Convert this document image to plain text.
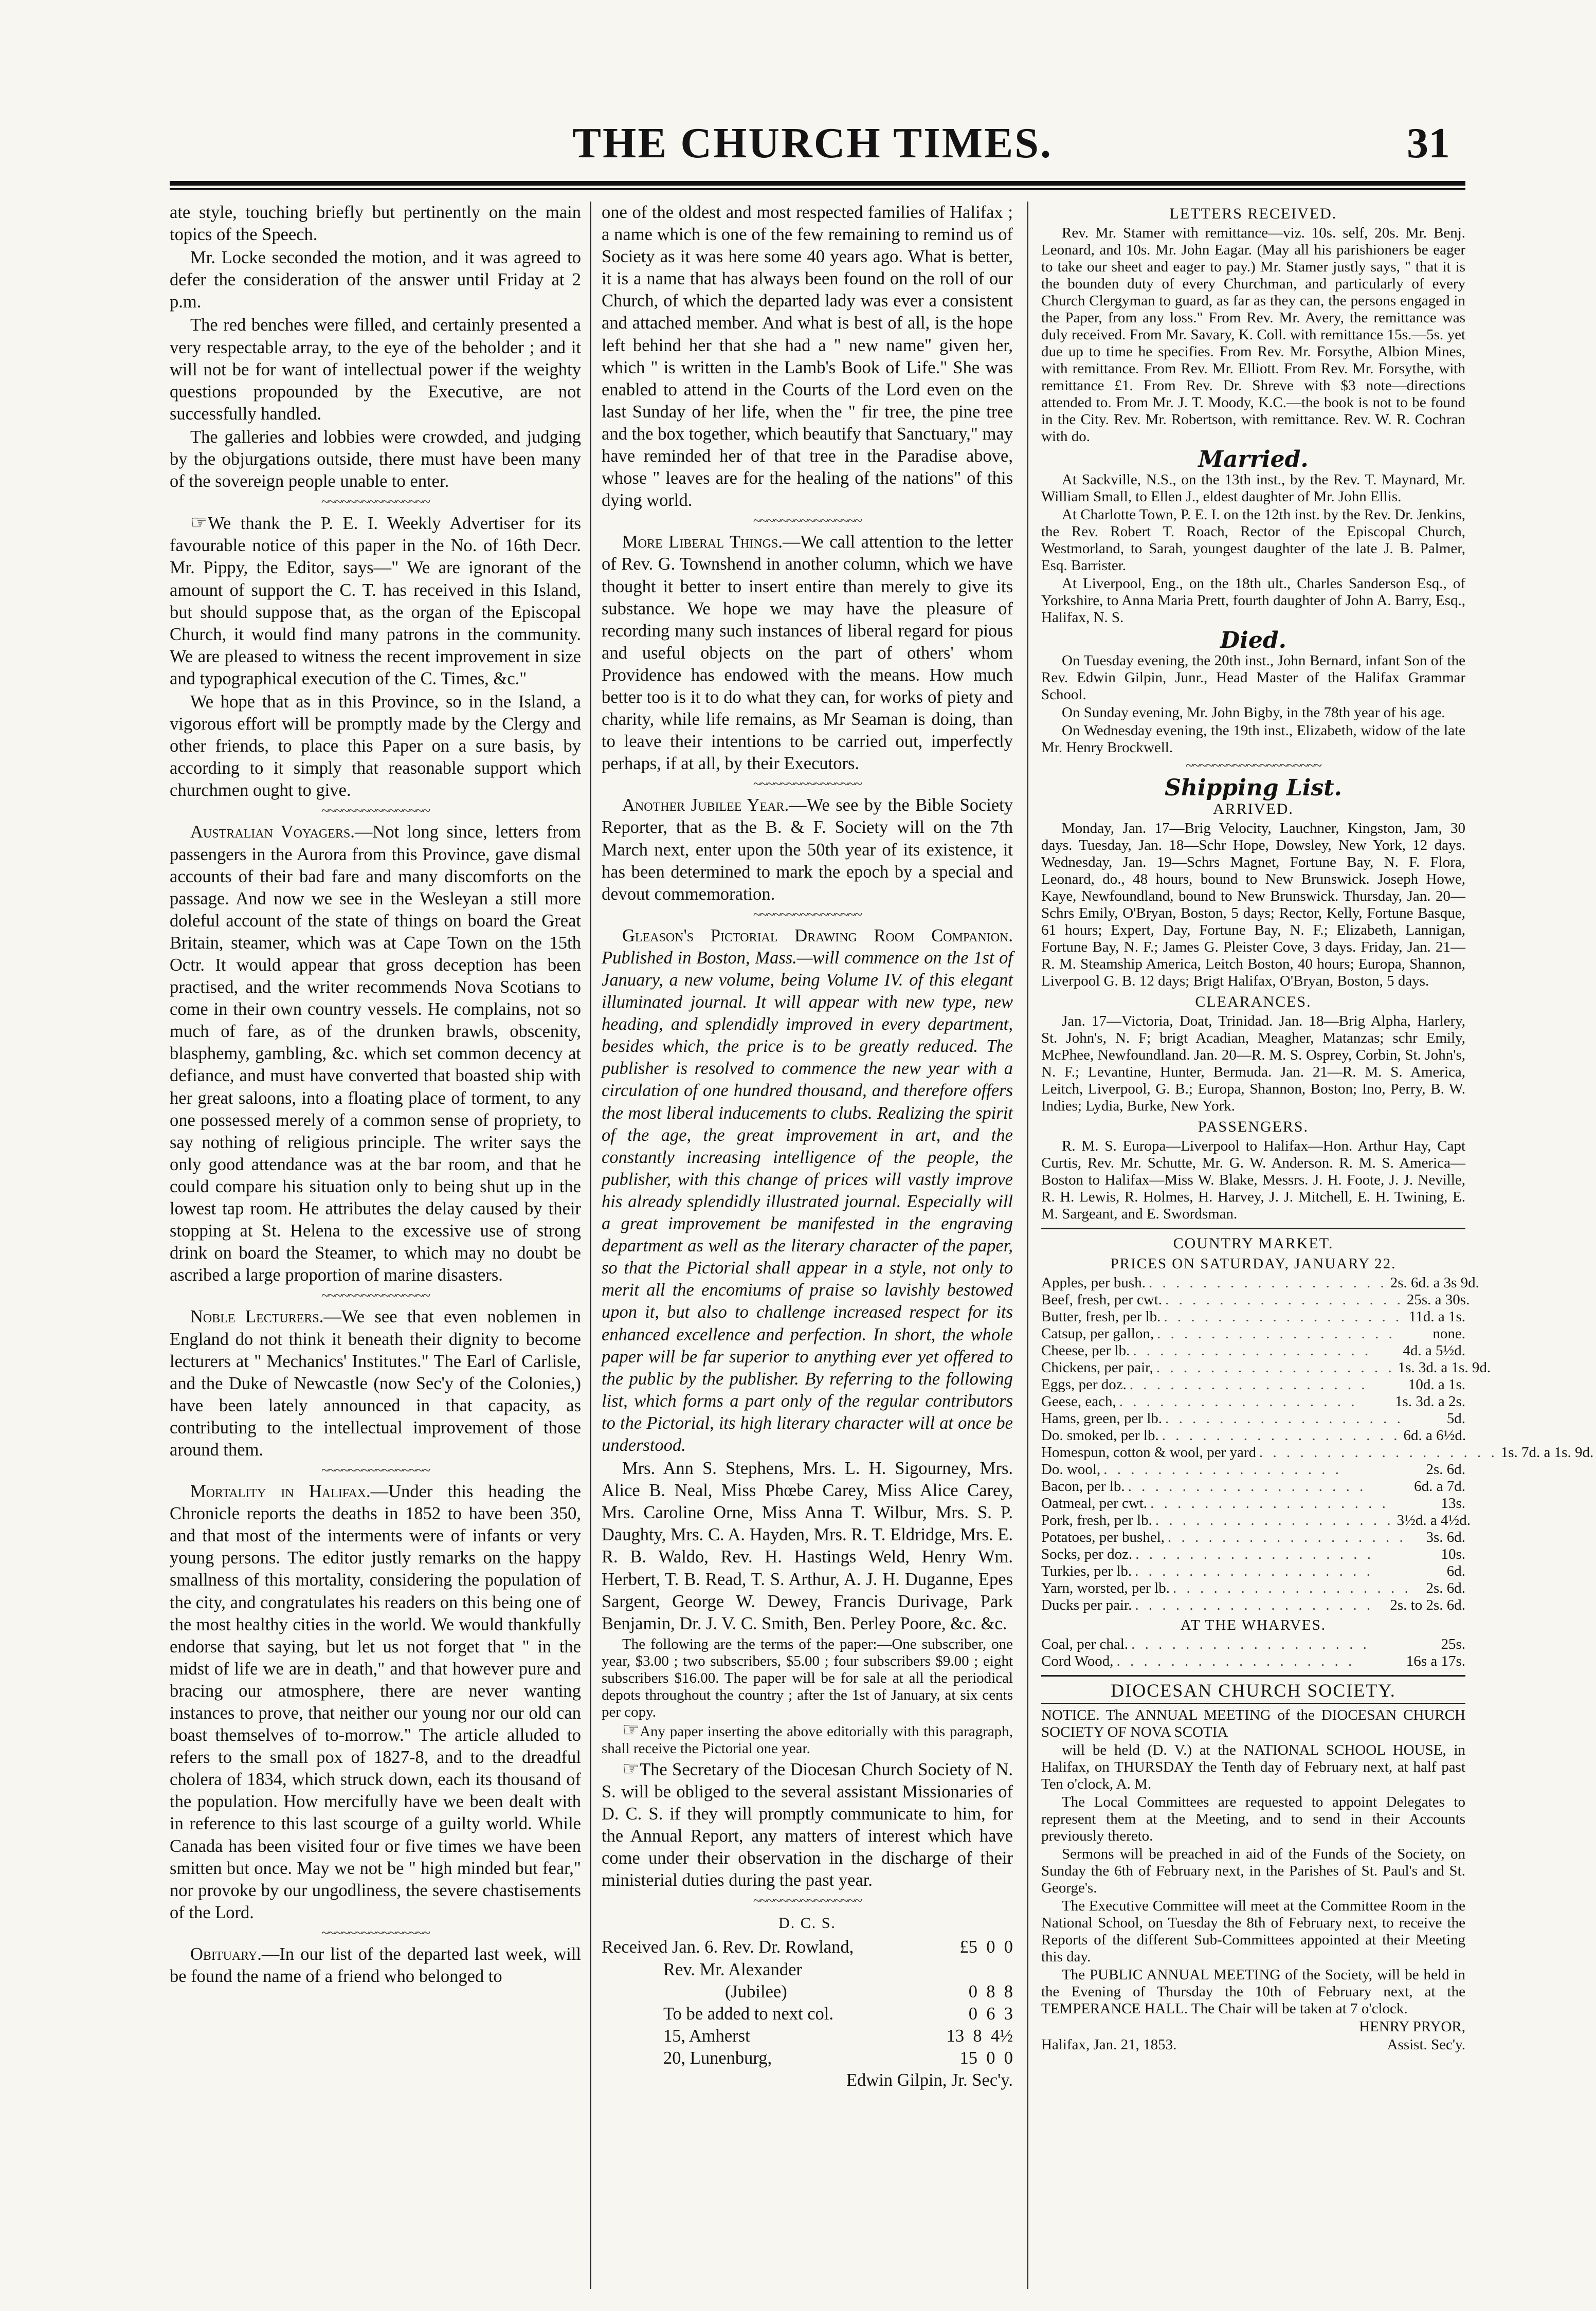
THE CHURCH TIMES.	31

ate style, touching briefly but pertinently on the main topics of the Speech.

Mr. Locke seconded the motion, and it was agreed to defer the consideration of the answer until Friday at 2 p.m.

The red benches were filled, and certainly presented a very respectable array, to the eye of the beholder ; and it will not be for want of intellectual power if the weighty questions propounded by the Executive, are not successfully handled.

The galleries and lobbies were crowded, and judging by the objurgations outside, there must have been many of the sovereign people unable to enter.

~~~~~~~~~~~~~~~~

☞We thank the P. E. I. Weekly Advertiser for its favourable notice of this paper in the No. of 16th Decr. Mr. Pippy, the Editor, says—" We are ignorant of the amount of support the C. T. has received in this Island, but should suppose that, as the organ of the Episcopal Church, it would find many patrons in the community. We are pleased to witness the recent improvement in size and typographical execution of the C. Times, &c."

We hope that as in this Province, so in the Island, a vigorous effort will be promptly made by the Clergy and other friends, to place this Paper on a sure basis, by according to it simply that reasonable support which churchmen ought to give.

~~~~~~~~~~~~~~~~

Australian Voyagers.—Not long since, letters from passengers in the Aurora from this Province, gave dismal accounts of their bad fare and many discomforts on the passage. And now we see in the Wesleyan a still more doleful account of the state of things on board the Great Britain, steamer, which was at Cape Town on the 15th Octr. It would appear that gross deception has been practised, and the writer recommends Nova Scotians to come in their own country vessels. He complains, not so much of fare, as of the drunken brawls, obscenity, blasphemy, gambling, &c. which set common decency at defiance, and must have converted that boasted ship with her great saloons, into a floating place of torment, to any one possessed merely of a common sense of propriety, to say nothing of religious principle. The writer says the only good attendance was at the bar room, and that he could compare his situation only to being shut up in the lowest tap room. He attributes the delay caused by their stopping at St. Helena to the excessive use of strong drink on board the Steamer, to which may no doubt be ascribed a large proportion of marine disasters.

~~~~~~~~~~~~~~~~

Noble Lecturers.—We see that even noblemen in England do not think it beneath their dignity to become lecturers at " Mechanics' Institutes." The Earl of Carlisle, and the Duke of Newcastle (now Sec'y of the Colonies,) have been lately announced in that capacity, as contributing to the intellectual improvement of those around them.

~~~~~~~~~~~~~~~~

Mortality in Halifax.—Under this heading the Chronicle reports the deaths in 1852 to have been 350, and that most of the interments were of infants or very young persons. The editor justly remarks on the happy smallness of this mortality, considering the population of the city, and congratulates his readers on this being one of the most healthy cities in the world. We would thankfully endorse that saying, but let us not forget that " in the midst of life we are in death," and that however pure and bracing our atmosphere, there are never wanting instances to prove, that neither our young nor our old can boast themselves of to-morrow." The article alluded to refers to the small pox of 1827-8, and to the dreadful cholera of 1834, which struck down, each its thousand of the population. How mercifully have we been dealt with in reference to this last scourge of a guilty world. While Canada has been visited four or five times we have been smitten but once. May we not be " high minded but fear," nor provoke by our ungodliness, the severe chastisements of the Lord.

~~~~~~~~~~~~~~~~

Obituary.—In our list of the departed last week, will be found the name of a friend who belonged to

one of the oldest and most respected families of Halifax ; a name which is one of the few remaining to remind us of Society as it was here some 40 years ago. What is better, it is a name that has always been found on the roll of our Church, of which the departed lady was ever a consistent and attached member. And what is best of all, is the hope left behind her that she had a " new name" given her, which " is written in the Lamb's Book of Life." She was enabled to attend in the Courts of the Lord even on the last Sunday of her life, when the " fir tree, the pine tree and the box together, which beautify that Sanctuary," may have reminded her of that tree in the Paradise above, whose " leaves are for the healing of the nations" of this dying world.

~~~~~~~~~~~~~~~~

More Liberal Things.—We call attention to the letter of Rev. G. Townshend in another column, which we have thought it better to insert entire than merely to give its substance. We hope we may have the pleasure of recording many such instances of liberal regard for pious and useful objects on the part of others' whom Providence has endowed with the means. How much better too is it to do what they can, for works of piety and charity, while life remains, as Mr Seaman is doing, than to leave their intentions to be carried out, imperfectly perhaps, if at all, by their Executors.

~~~~~~~~~~~~~~~~

Another Jubilee Year.—We see by the Bible Society Reporter, that as the B. & F. Society will on the 7th March next, enter upon the 50th year of its existence, it has been determined to mark the epoch by a special and devout commemoration.

~~~~~~~~~~~~~~~~

Gleason's Pictorial Drawing Room Companion. Published in Boston, Mass.—will commence on the 1st of January, a new volume, being Volume IV. of this elegant illuminated journal. It will appear with new type, new heading, and splendidly improved in every department, besides which, the price is to be greatly reduced. The publisher is resolved to commence the new year with a circulation of one hundred thousand, and therefore offers the most liberal inducements to clubs. Realizing the spirit of the age, the great improvement in art, and the constantly increasing intelligence of the people, the publisher, with this change of prices will vastly improve his already splendidly illustrated journal. Especially will a great improvement be manifested in the engraving department as well as the literary character of the paper, so that the Pictorial shall appear in a style, not only to merit all the encomiums of praise so lavishly bestowed upon it, but also to challenge increased respect for its enhanced excellence and perfection. In short, the whole paper will be far superior to anything ever yet offered to the public by the publisher. By referring to the following list, which forms a part only of the regular contributors to the Pictorial, its high literary character will at once be understood.

Mrs. Ann S. Stephens, Mrs. L. H. Sigourney, Mrs. Alice B. Neal, Miss Phœbe Carey, Miss Alice Carey, Mrs. Caroline Orne, Miss Anna T. Wilbur, Mrs. S. P. Daughty, Mrs. C. A. Hayden, Mrs. R. T. Eldridge, Mrs. E. R. B. Waldo, Rev. H. Hastings Weld, Henry Wm. Herbert, T. B. Read, T. S. Arthur, A. J. H. Duganne, Epes Sargent, George W. Dewey, Francis Durivage, Park Benjamin, Dr. J. V. C. Smith, Ben. Perley Poore, &c. &c.

The following are the terms of the paper:—One subscriber, one year, $3.00 ; two subscribers, $5.00 ; four subscribers $9.00 ; eight subscribers $16.00. The paper will be for sale at all the periodical depots throughout the country ; after the 1st of January, at six cents per copy.

☞Any paper inserting the above editorially with this paragraph, shall receive the Pictorial one year.

☞The Secretary of the Diocesan Church Society of N. S. will be obliged to the several assistant Missionaries of D. C. S. if they will promptly communicate to him, for the Annual Report, any matters of interest which have come under their observation in the discharge of their ministerial duties during the past year.

~~~~~~~~~~~~~~~~
D. C. S.
Received Jan. 6. Rev. Dr. Rowland,	£5  0  0
Rev. Mr. Alexander
(Jubilee)	0  8  8
To be added to next col.	0  6  3
15, Amherst	13  8  4½
20, Lunenburg,	15  0  0

Edwin Gilpin, Jr. Sec'y.

LETTERS RECEIVED.

Rev. Mr. Stamer with remittance—viz. 10s. self, 20s. Mr. Benj. Leonard, and 10s. Mr. John Eagar. (May all his parishioners be eager to take our sheet and eager to pay.) Mr. Stamer justly says, " that it is the bounden duty of every Churchman, and particularly of every Church Clergyman to guard, as far as they can, the persons engaged in the Paper, from any loss." From Rev. Mr. Avery, the remittance was duly received. From Mr. Savary, K. Coll. with remittance 15s.—5s. yet due up to time he specifies. From Rev. Mr. Forsythe, Albion Mines, with remittance. From Rev. Mr. Elliott. From Rev. Mr. Forsythe, with remittance £1. From Rev. Dr. Shreve with $3 note—directions attended to. From Mr. J. T. Moody, K.C.—the book is not to be found in the City. Rev. Mr. Robertson, with remittance. Rev. W. R. Cochran with do.

Married.

At Sackville, N.S., on the 13th inst., by the Rev. T. Maynard, Mr. William Small, to Ellen J., eldest daughter of Mr. John Ellis.

At Charlotte Town, P. E. I. on the 12th inst. by the Rev. Dr. Jenkins, the Rev. Robert T. Roach, Rector of the Episcopal Church, Westmorland, to Sarah, youngest daughter of the late J. B. Palmer, Esq. Barrister.

At Liverpool, Eng., on the 18th ult., Charles Sanderson Esq., of Yorkshire, to Anna Maria Prett, fourth daughter of John A. Barry, Esq., Halifax, N. S.

Died.

On Tuesday evening, the 20th inst., John Bernard, infant Son of the Rev. Edwin Gilpin, Junr., Head Master of the Halifax Grammar School.

On Sunday evening, Mr. John Bigby, in the 78th year of his age.

On Wednesday evening, the 19th inst., Elizabeth, widow of the late Mr. Henry Brockwell.

~~~~~~~~~~~~~~~~~~~~
Shipping List.
ARRIVED.

Monday, Jan. 17—Brig Velocity, Lauchner, Kingston, Jam, 30 days. Tuesday, Jan. 18—Schr Hope, Dowsley, New York, 12 days. Wednesday, Jan. 19—Schrs Magnet, Fortune Bay, N. F. Flora, Leonard, do., 48 hours, bound to New Brunswick. Joseph Howe, Kaye, Newfoundland, bound to New Brunswick. Thursday, Jan. 20—Schrs Emily, O'Bryan, Boston, 5 days; Rector, Kelly, Fortune Basque, 61 hours; Expert, Day, Fortune Bay, N. F.; Elizabeth, Lannigan, Fortune Bay, N. F.; James G. Pleister Cove, 3 days. Friday, Jan. 21—R. M. Steamship America, Leitch Boston, 40 hours; Europa, Shannon, Liverpool G. B. 12 days; Brigt Halifax, O'Bryan, Boston, 5 days.

CLEARANCES.

Jan. 17—Victoria, Doat, Trinidad. Jan. 18—Brig Alpha, Harlery, St. John's, N. F; brigt Acadian, Meagher, Matanzas; schr Emily, McPhee, Newfoundland. Jan. 20—R. M. S. Osprey, Corbin, St. John's, N. F.; Levantine, Hunter, Bermuda. Jan. 21—R. M. S. America, Leitch, Liverpool, G. B.; Europa, Shannon, Boston; Ino, Perry, B. W. Indies; Lydia, Burke, New York.

PASSENGERS.

R. M. S. Europa—Liverpool to Halifax—Hon. Arthur Hay, Capt Curtis, Rev. Mr. Schutte, Mr. G. W. Anderson. R. M. S. America—Boston to Halifax—Miss W. Blake, Messrs. J. H. Foote, J. J. Neville, R. H. Lewis, R. Holmes, H. Harvey, J. J. Mitchell, E. H. Twining, E. M. Sargeant, and E. Swordsman.

COUNTRY MARKET.
PRICES ON SATURDAY, JANUARY 22.
Apples, per bush. . . . . . . . . . . . . . . . . . . 2s. 6d. a 3s 9d.
Beef, fresh, per cwt. . . . . . . . . . . . . . . . . . . 25s. a 30s.
Butter, fresh, per lb. . . . . . . . . . . . . . . . . . . 11d. a 1s.
Catsup, per gallon, . . . . . . . . . . . . . . . . . .	none.
Cheese, per lb. . . . . . . . . . . . . . . . . . .	4d. a 5½d.
Chickens, per pair, . . . . . . . . . . . . . . . . . . 1s. 3d. a 1s. 9d.
Eggs, per doz. . . . . . . . . . . . . . . . . . .	10d. a 1s.
Geese, each, . . . . . . . . . . . . . . . . . .	1s. 3d. a 2s.
Hams, green, per lb. . . . . . . . . . . . . . . . . . .	5d.
Do. smoked, per lb. . . . . . . . . . . . . . . . . . . 6d. a 6½d.
Homespun, cotton & wool, per yard . . . . . . . . . . . . . . . . . . 1s. 7d. a 1s. 9d.
Do. wool, . . . . . . . . . . . . . . . . . .	2s. 6d.
Bacon, per lb. . . . . . . . . . . . . . . . . . .	6d. a 7d.
Oatmeal, per cwt. . . . . . . . . . . . . . . . . . .	13s.
Pork, fresh, per lb. . . . . . . . . . . . . . . . . . . 3½d. a 4½d.
Potatoes, per bushel, . . . . . . . . . . . . . . . . . .	3s. 6d.
Socks, per doz. . . . . . . . . . . . . . . . . . .	10s.
Turkies, per lb. . . . . . . . . . . . . . . . . . .	6d.
Yarn, worsted, per lb. . . . . . . . . . . . . . . . . . . 2s. 6d.
Ducks per pair. . . . . . . . . . . . . . . . . . .	2s. to 2s. 6d.
AT THE WHARVES.
Coal, per chal. . . . . . . . . . . . . . . . . . .	25s.
Cord Wood, . . . . . . . . . . . . . . . . . .	16s a 17s.
DIOCESAN CHURCH SOCIETY.

NOTICE. The ANNUAL MEETING of the DIOCESAN CHURCH SOCIETY OF NOVA SCOTIA

will be held (D. V.) at the NATIONAL SCHOOL HOUSE, in Halifax, on THURSDAY the Tenth day of February next, at half past Ten o'clock, A. M.

The Local Committees are requested to appoint Delegates to represent them at the Meeting, and to send in their Accounts previously thereto.

Sermons will be preached in aid of the Funds of the Society, on Sunday the 6th of February next, in the Parishes of St. Paul's and St. George's.

The Executive Committee will meet at the Committee Room in the National School, on Tuesday the 8th of February next, to receive the Reports of the different Sub-Committees appointed at their Meeting this day.

The PUBLIC ANNUAL MEETING of the Society, will be held in the Evening of Thursday the 10th of February next, at the TEMPERANCE HALL. The Chair will be taken at 7 o'clock.

HENRY PRYOR,

Halifax, Jan. 21, 1853.	Assist. Sec'y.
